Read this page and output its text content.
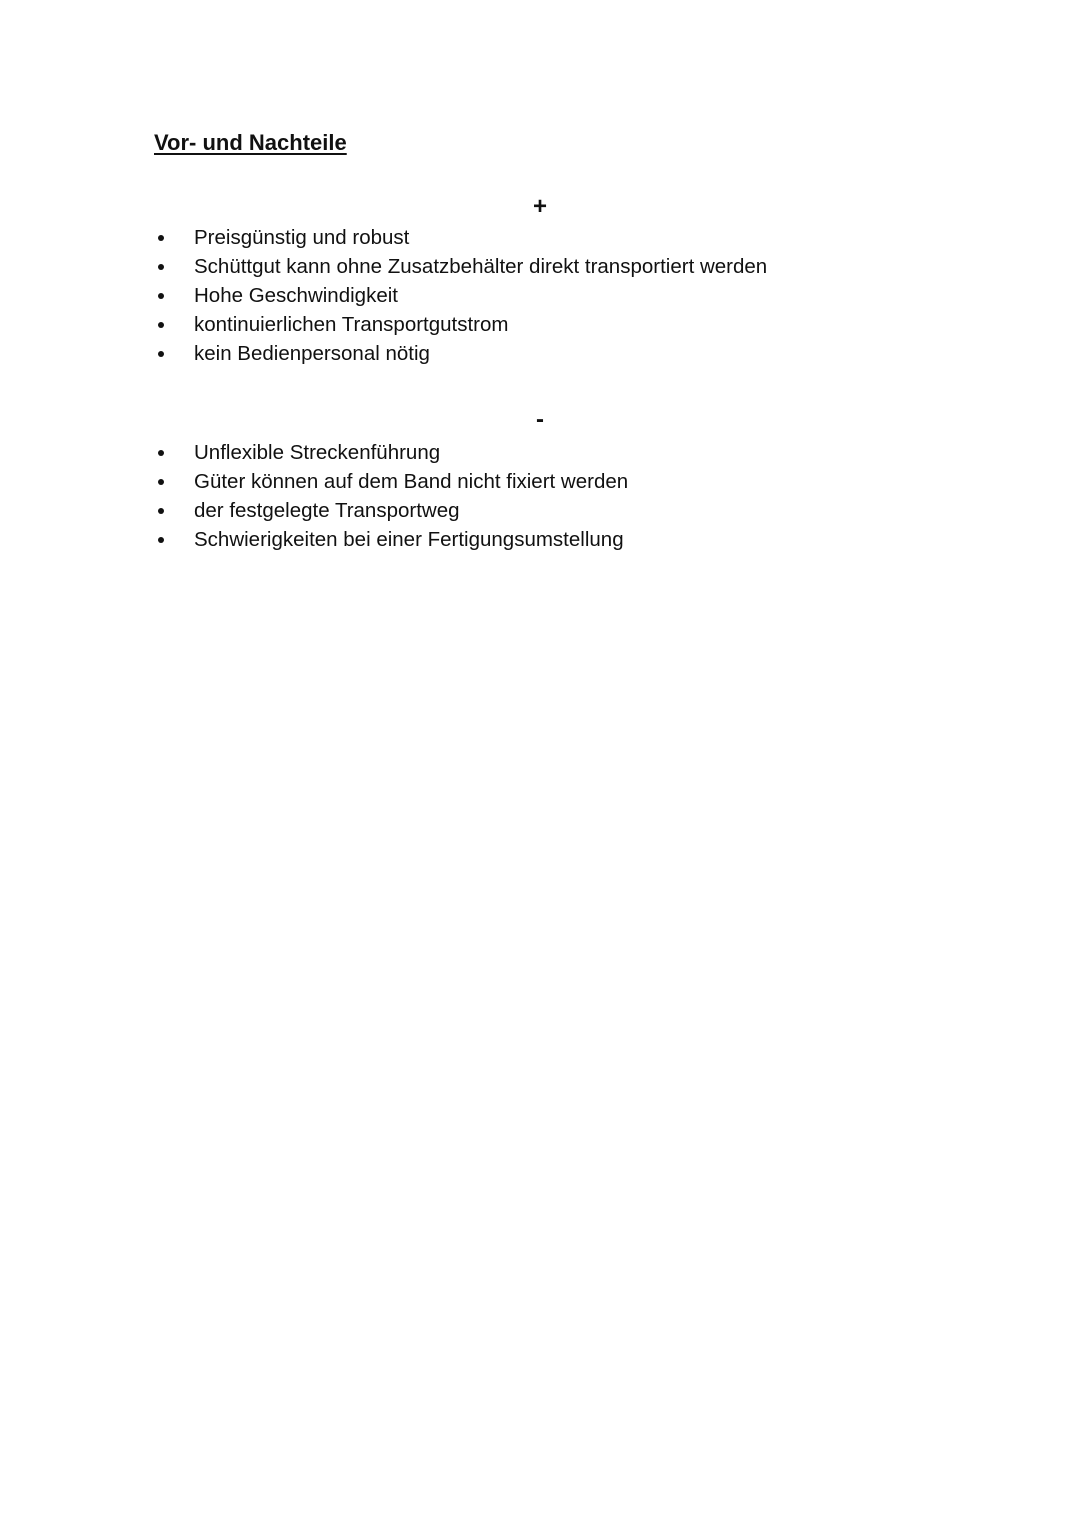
Vor- und Nachteile
+
Preisgünstig und robust
Schüttgut kann ohne Zusatzbehälter direkt transportiert werden
Hohe Geschwindigkeit
kontinuierlichen Transportgutstrom
kein Bedienpersonal nötig
-
Unflexible Streckenführung
Güter können auf dem Band nicht fixiert werden
der festgelegte Transportweg
Schwierigkeiten bei einer Fertigungsumstellung
